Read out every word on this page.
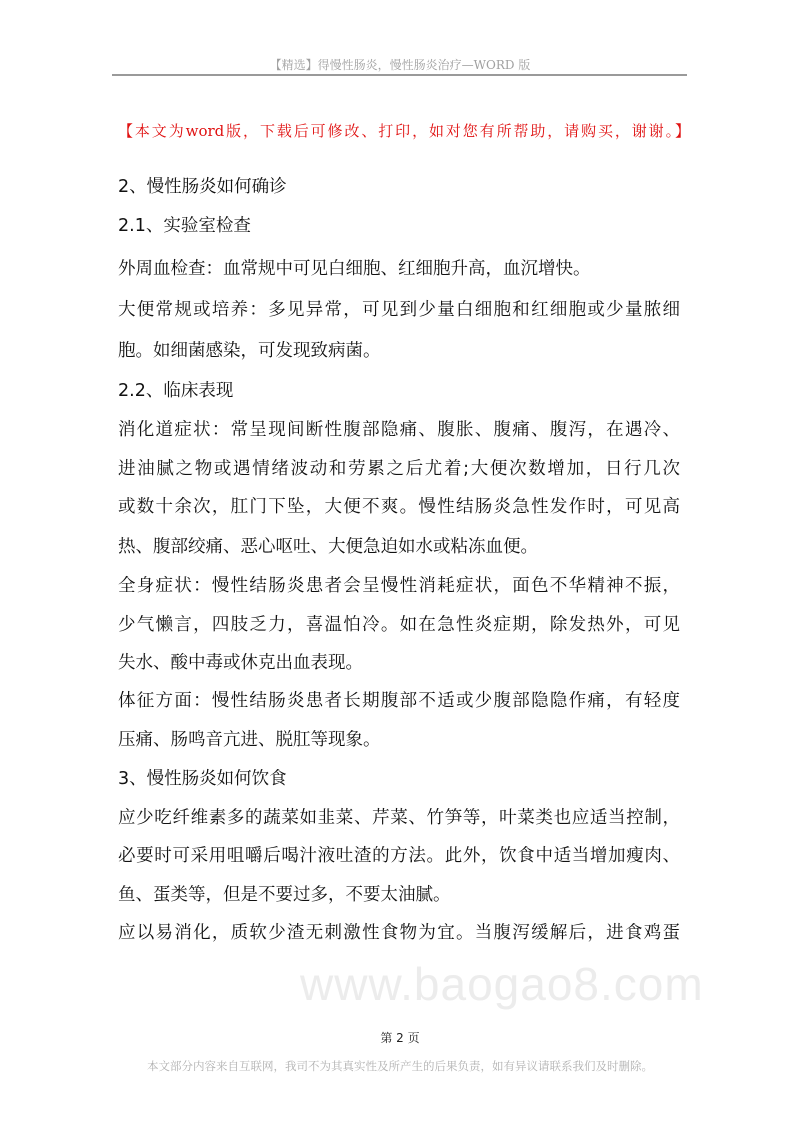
【精选】得慢性肠炎，慢性肠炎治疗—WORD 版
【本文为word版，下载后可修改、打印，如对您有所帮助，请购买，谢谢。】
2、慢性肠炎如何确诊
2.1、实验室检查
外周血检查：血常规中可见白细胞、红细胞升高，血沉增快。
大便常规或培养：多见异常，可见到少量白细胞和红细胞或少量脓细
胞。如细菌感染，可发现致病菌。
2.2、临床表现
消化道症状：常呈现间断性腹部隐痛、腹胀、腹痛、腹泻，在遇冷、
进油腻之物或遇情绪波动和劳累之后尤着;大便次数增加，日行几次
或数十余次，肛门下坠，大便不爽。慢性结肠炎急性发作时，可见高
热、腹部绞痛、恶心呕吐、大便急迫如水或粘冻血便。
全身症状：慢性结肠炎患者会呈慢性消耗症状，面色不华精神不振，
少气懒言，四肢乏力，喜温怕冷。如在急性炎症期，除发热外，可见
失水、酸中毒或休克出血表现。
体征方面：慢性结肠炎患者长期腹部不适或少腹部隐隐作痛，有轻度
压痛、肠鸣音亢进、脱肛等现象。
3、慢性肠炎如何饮食
应少吃纤维素多的蔬菜如韭菜、芹菜、竹笋等，叶菜类也应适当控制，
必要时可采用咀嚼后喝汁液吐渣的方法。此外，饮食中适当增加瘦肉、
鱼、蛋类等，但是不要过多，不要太油腻。
应以易消化，质软少渣无刺激性食物为宜。当腹泻缓解后，进食鸡蛋
www.baogao8.com
第 2 页
本文部分内容来自互联网，我司不为其真实性及所产生的后果负责，如有异议请联系我们及时删除。
